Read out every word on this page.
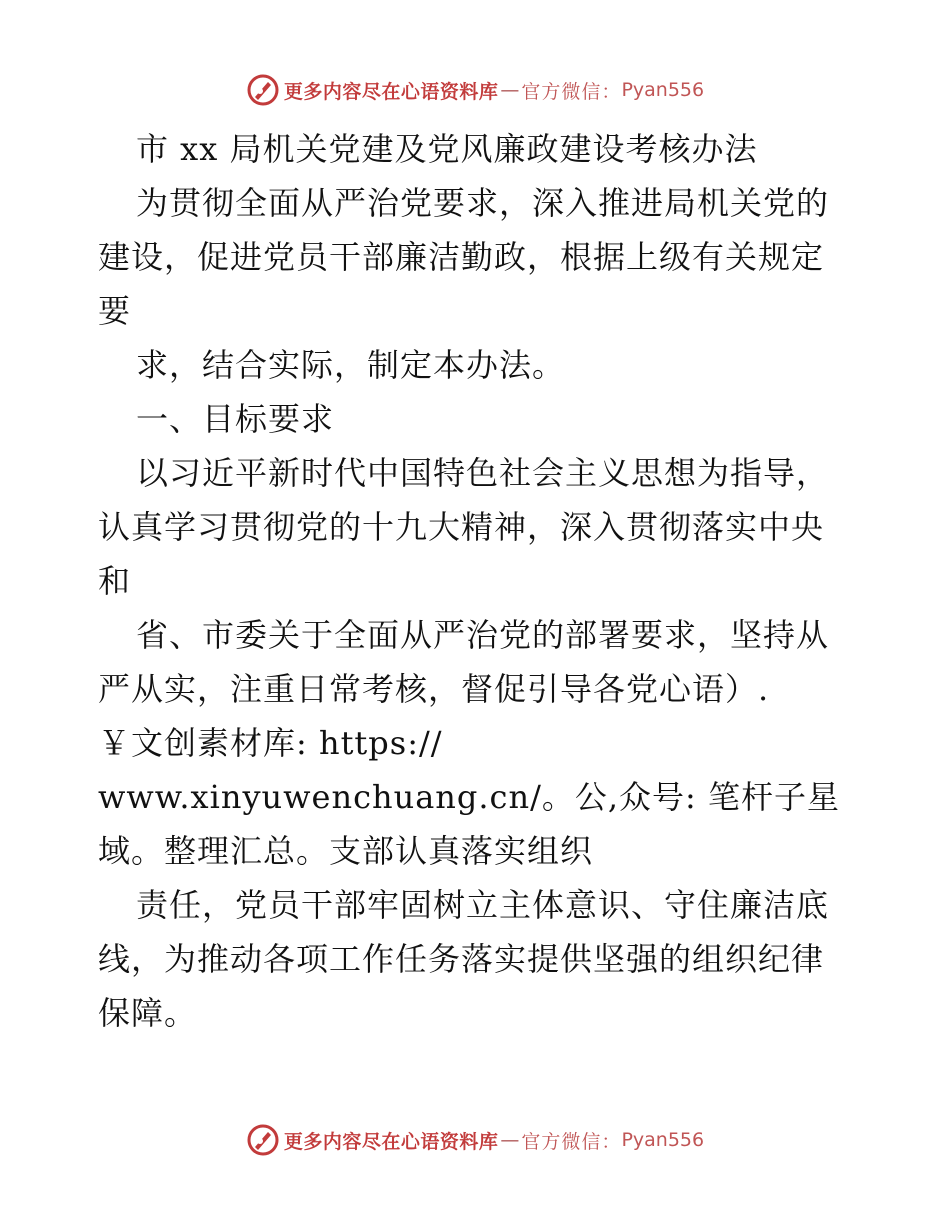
更多内容尽在心语资料库 — 官方微信： Pyan556
市 xx 局机关党建及党风廉政建设考核办法
为贯彻全面从严治党要求，深入推进局机关党的
建设，促进党员干部廉洁勤政，根据上级有关规定
要
求，结合实际，制定本办法。
一、目标要求
以习近平新时代中国特色社会主义思想为指导，
认真学习贯彻党的十九大精神，深入贯彻落实中央
和
省、市委关于全面从严治党的部署要求，坚持从
严从实，注重日常考核，督促引导各党心语）.
￥文创素材库: https://
www.xinyuwenchuang.cn/。公,众号: 笔杆子星
域。整理汇总。支部认真落实组织
责任，党员干部牢固树立主体意识、守住廉洁底
线，为推动各项工作任务落实提供坚强的组织纪律
保障。
更多内容尽在心语资料库 — 官方微信： Pyan556
